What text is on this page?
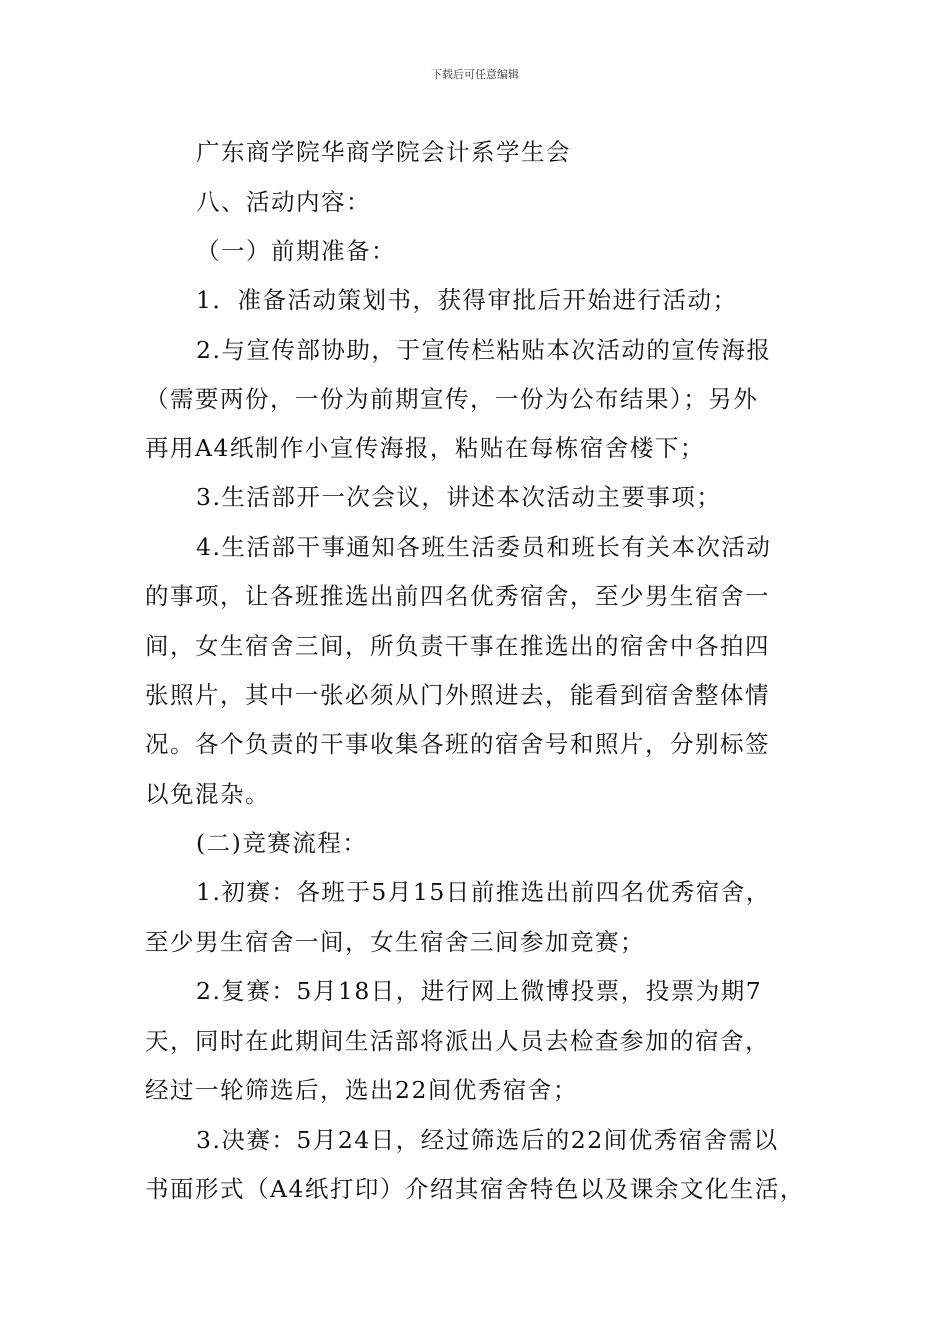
下载后可任意编辑
广东商学院华商学院会计系学生会
八、活动内容：
（一）前期准备：
1．准备活动策划书，获得审批后开始进行活动；
2.与宣传部协助，于宣传栏粘贴本次活动的宣传海报
（需要两份，一份为前期宣传，一份为公布结果）；另外
再用A4纸制作小宣传海报，粘贴在每栋宿舍楼下；
3.生活部开一次会议，讲述本次活动主要事项；
4.生活部干事通知各班生活委员和班长有关本次活动
的事项，让各班推选出前四名优秀宿舍，至少男生宿舍一
间，女生宿舍三间，所负责干事在推选出的宿舍中各拍四
张照片，其中一张必须从门外照进去，能看到宿舍整体情
况。各个负责的干事收集各班的宿舍号和照片，分别标签
以免混杂。
(二)竞赛流程：
1.初赛：各班于5月15日前推选出前四名优秀宿舍，
至少男生宿舍一间，女生宿舍三间参加竞赛；
2.复赛：5月18日，进行网上微博投票，投票为期7
天，同时在此期间生活部将派出人员去检查参加的宿舍，
经过一轮筛选后，选出22间优秀宿舍；
3.决赛：5月24日，经过筛选后的22间优秀宿舍需以
书面形式（A4纸打印）介绍其宿舍特色以及课余文化生活，
